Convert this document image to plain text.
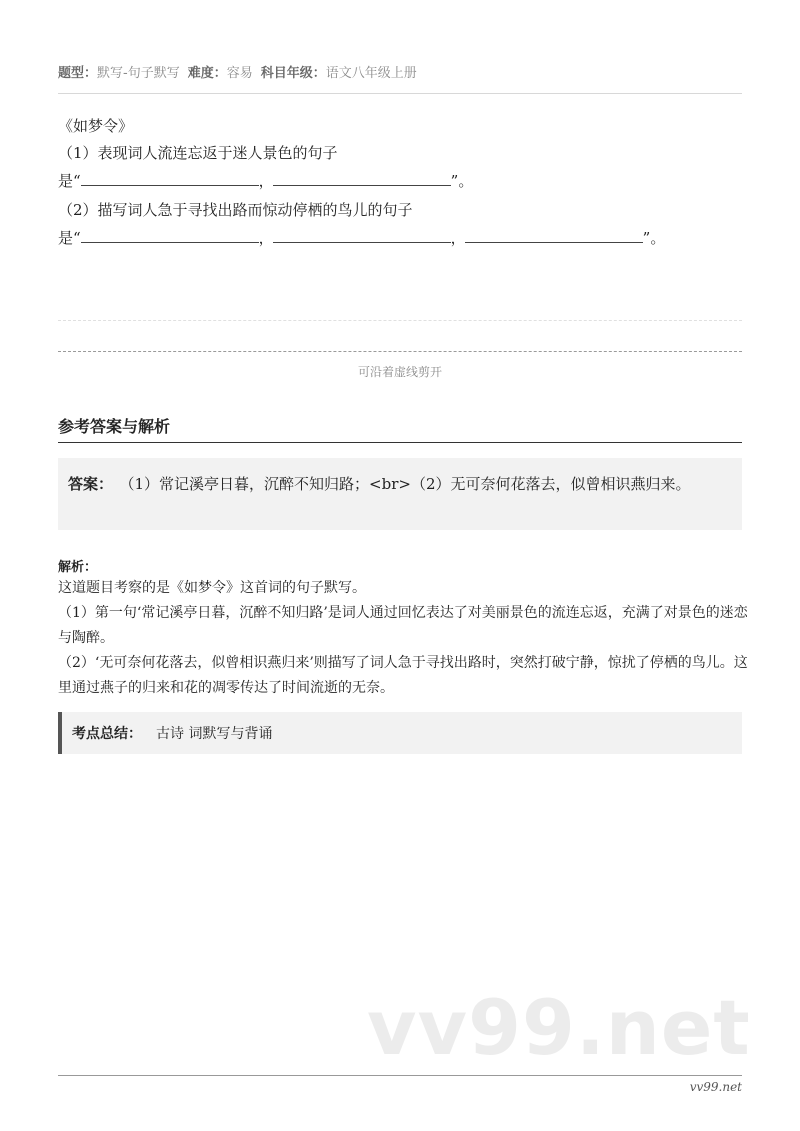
题型：默写-句子默写 难度：容易 科目年级：语文八年级上册
《如梦令》
（1）表现词人流连忘返于迷人景色的句子
是“	，	”。
（2）描写词人急于寻找出路而惊动停栖的鸟儿的句子
是“	，	，	”。
可沿着虚线剪开
参考答案与解析
答案： （1）常记溪亭日暮，沉醉不知归路；<br>（2）无可奈何花落去，似曾相识燕归来。
解析：

这道题目考察的是《如梦令》这首词的句子默写。

（1）第一句‘常记溪亭日暮，沉醉不知归路’是词人通过回忆表达了对美丽景色的流连忘返，充满了对景色的迷恋与陶醉。

（2）‘无可奈何花落去，似曾相识燕归来’则描写了词人急于寻找出路时，突然打破宁静，惊扰了停栖的鸟儿。这里通过燕子的归来和花的凋零传达了时间流逝的无奈。

考点总结： 古诗 词默写与背诵
vv99.net
vv99.net
